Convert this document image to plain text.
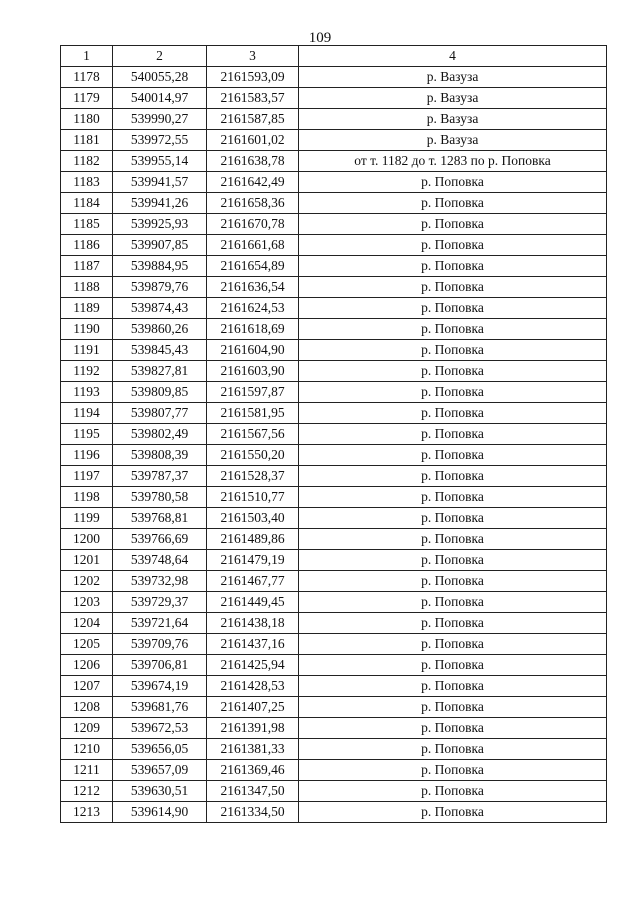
109
1	2	3	4
1178	540055,28	2161593,09	р. Вазуза
1179	540014,97	2161583,57	р. Вазуза
1180	539990,27	2161587,85	р. Вазуза
1181	539972,55	2161601,02	р. Вазуза
1182	539955,14	2161638,78	от т. 1182 до т. 1283 по р. Поповка
1183	539941,57	2161642,49	р. Поповка
1184	539941,26	2161658,36	р. Поповка
1185	539925,93	2161670,78	р. Поповка
1186	539907,85	2161661,68	р. Поповка
1187	539884,95	2161654,89	р. Поповка
1188	539879,76	2161636,54	р. Поповка
1189	539874,43	2161624,53	р. Поповка
1190	539860,26	2161618,69	р. Поповка
1191	539845,43	2161604,90	р. Поповка
1192	539827,81	2161603,90	р. Поповка
1193	539809,85	2161597,87	р. Поповка
1194	539807,77	2161581,95	р. Поповка
1195	539802,49	2161567,56	р. Поповка
1196	539808,39	2161550,20	р. Поповка
1197	539787,37	2161528,37	р. Поповка
1198	539780,58	2161510,77	р. Поповка
1199	539768,81	2161503,40	р. Поповка
1200	539766,69	2161489,86	р. Поповка
1201	539748,64	2161479,19	р. Поповка
1202	539732,98	2161467,77	р. Поповка
1203	539729,37	2161449,45	р. Поповка
1204	539721,64	2161438,18	р. Поповка
1205	539709,76	2161437,16	р. Поповка
1206	539706,81	2161425,94	р. Поповка
1207	539674,19	2161428,53	р. Поповка
1208	539681,76	2161407,25	р. Поповка
1209	539672,53	2161391,98	р. Поповка
1210	539656,05	2161381,33	р. Поповка
1211	539657,09	2161369,46	р. Поповка
1212	539630,51	2161347,50	р. Поповка
1213	539614,90	2161334,50	р. Поповка
